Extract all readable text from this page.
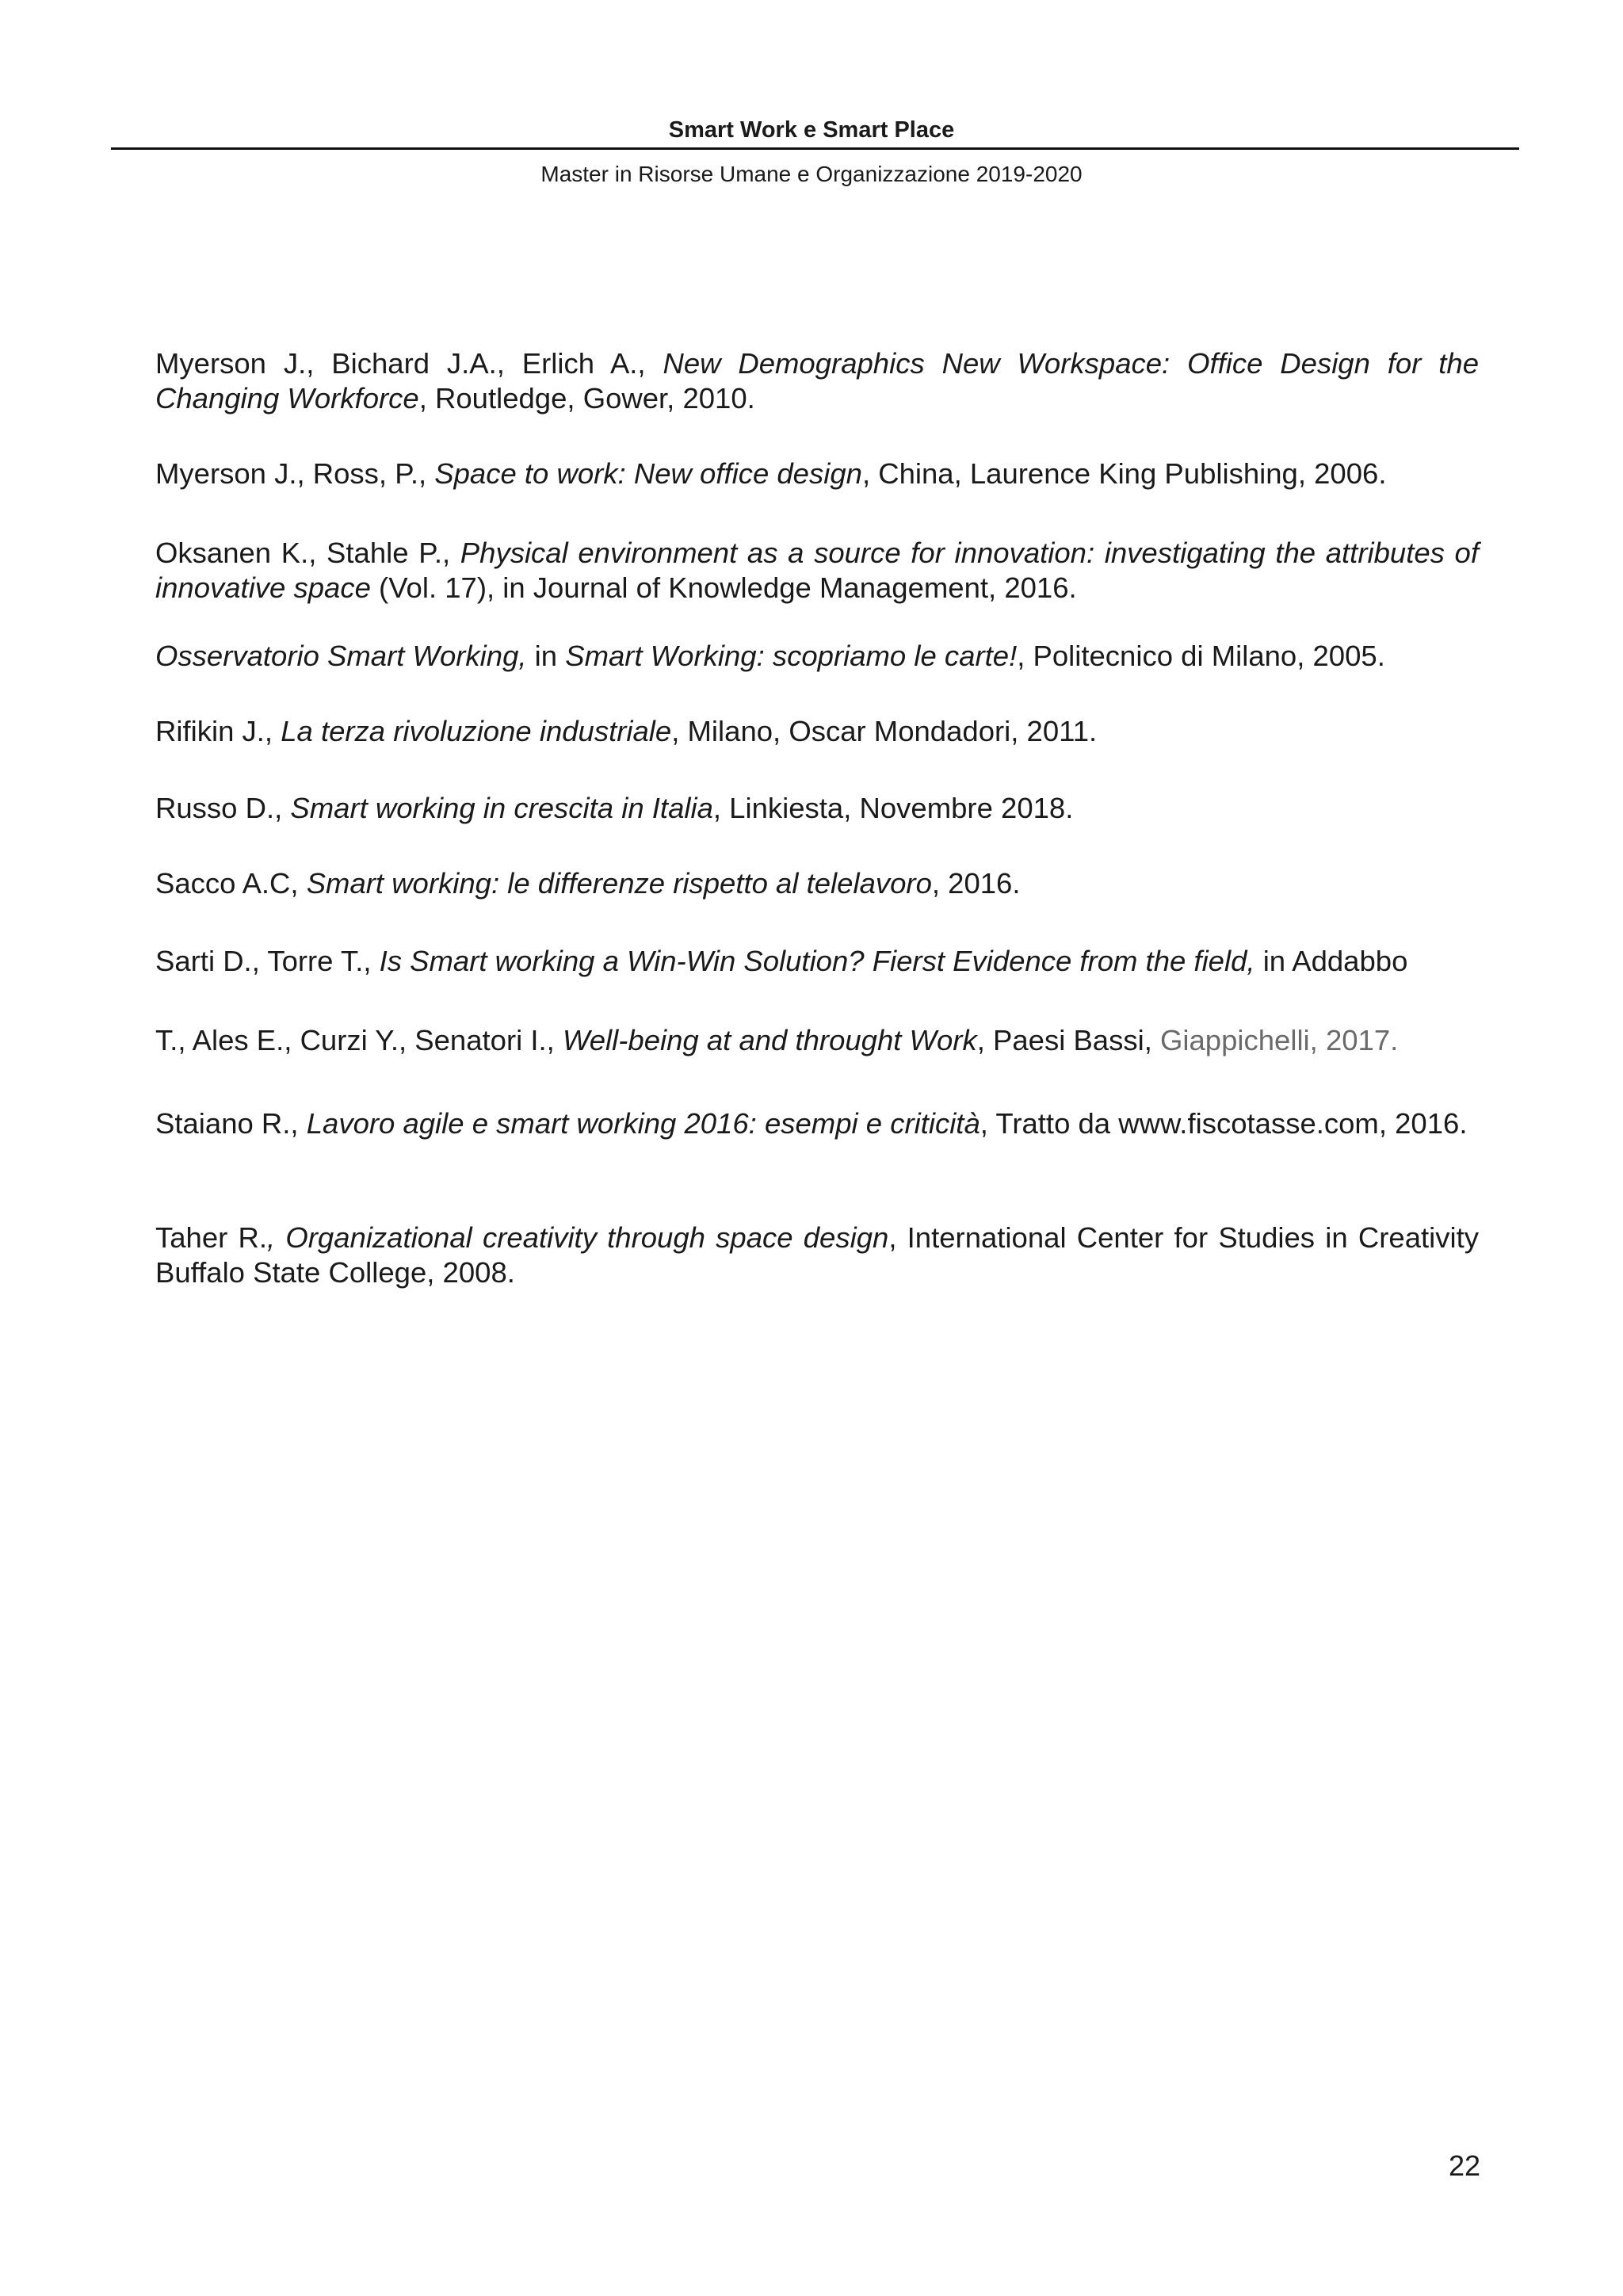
Smart Work e Smart Place
Master in Risorse Umane e Organizzazione 2019-2020

Myerson J., Bichard J.A., Erlich A., New Demographics New Workspace: Office Design for the Changing Workforce, Routledge, Gower, 2010.

Myerson J., Ross, P., Space to work: New office design, China, Laurence King Publishing, 2006.

Oksanen K., Stahle P., Physical environment as a source for innovation: investigating the attributes of innovative space (Vol. 17), in Journal of Knowledge Management, 2016.

Osservatorio Smart Working, in Smart Working: scopriamo le carte!, Politecnico di Milano, 2005.

Rifikin J., La terza rivoluzione industriale, Milano, Oscar Mondadori, 2011.

Russo D., Smart working in crescita in Italia, Linkiesta, Novembre 2018.

Sacco A.C, Smart working: le differenze rispetto al telelavoro, 2016.

Sarti D., Torre T., Is Smart working a Win-Win Solution? Fierst Evidence from the field, in Addabbo

T., Ales E., Curzi Y., Senatori I., Well-being at and throught Work, Paesi Bassi, Giappichelli, 2017.

Staiano R., Lavoro agile e smart working 2016: esempi e criticità, Tratto da www.fiscotasse.com, 2016.

Taher R., Organizational creativity through space design, International Center for Studies in Creativity Buffalo State College, 2008.

22
